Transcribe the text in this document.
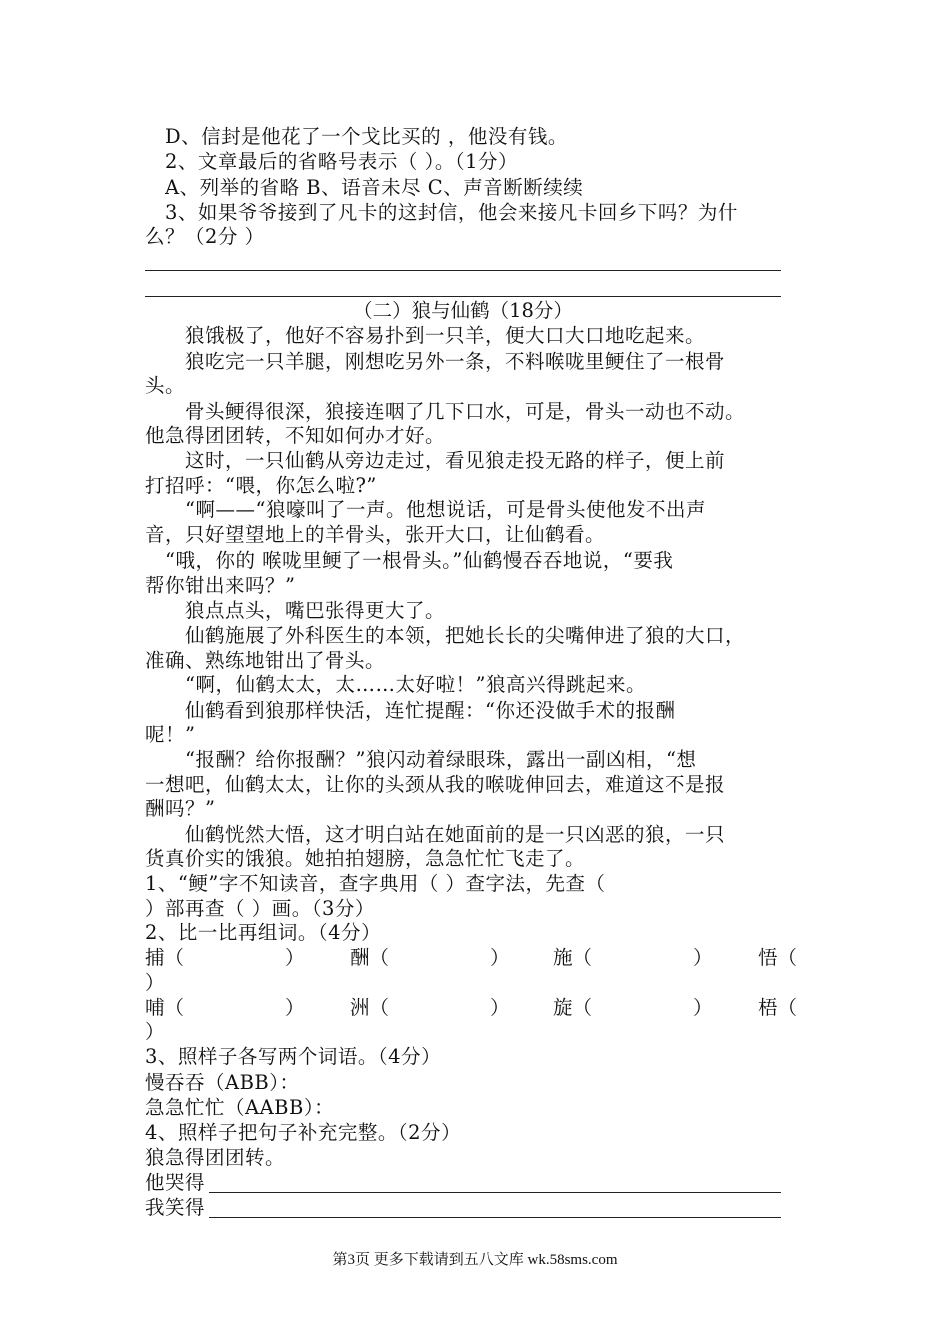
D、信封是他花了一个戈比买的 ，他没有钱。
2、文章最后的省略号表示（ ）。（1分）
A、列举的省略 B、语音未尽 C、声音断断续续
3、如果爷爷接到了凡卡的这封信，他会来接凡卡回乡下吗？为什
么？（2分 ）
（二）狼与仙鹤（18分）
狼饿极了，他好不容易扑到一只羊，便大口大口地吃起来。
狼吃完一只羊腿，刚想吃另外一条，不料喉咙里鲠住了一根骨
头。
骨头鲠得很深，狼接连咽了几下口水，可是，骨头一动也不动。
他急得团团转，不知如何办才好。
这时，一只仙鹤从旁边走过，看见狼走投无路的样子，便上前
打招呼：“喂，你怎么啦?”
“啊——“狼嚎叫了一声。他想说话，可是骨头使他发不出声
音，只好望望地上的羊骨头，张开大口，让仙鹤看。
“哦，你的 喉咙里鲠了一根骨头。”仙鹤慢吞吞地说，“要我
帮你钳出来吗？”
狼点点头，嘴巴张得更大了。
仙鹤施展了外科医生的本领，把她长长的尖嘴伸进了狼的大口，
准确、熟练地钳出了骨头。
“啊，仙鹤太太，太……太好啦！”狼高兴得跳起来。
仙鹤看到狼那样快活，连忙提醒：“你还没做手术的报酬
呢！”
“报酬？给你报酬？”狼闪动着绿眼珠，露出一副凶相，“想
一想吧，仙鹤太太，让你的头颈从我的喉咙伸回去，难道这不是报
酬吗？”
仙鹤恍然大悟，这才明白站在她面前的是一只凶恶的狼，一只
货真价实的饿狼。她拍拍翅膀，急急忙忙飞走了。
1、“鲠”字不知读音，查字典用（ ）查字法，先查（
）部再查（ ）画。（3分）
2、比一比再组词。（4分）
捕（	） 酬（	） 施（	） 悟（
）
哺（	） 洲（	） 旋（	） 梧（
）
3、照样子各写两个词语。（4分）
慢吞吞（ABB）：
急急忙忙（AABB）：
4、照样子把句子补充完整。（2分）
狼急得团团转。
他哭得
我笑得
第3页 更多下载请到五八文库 wk.58sms.com
